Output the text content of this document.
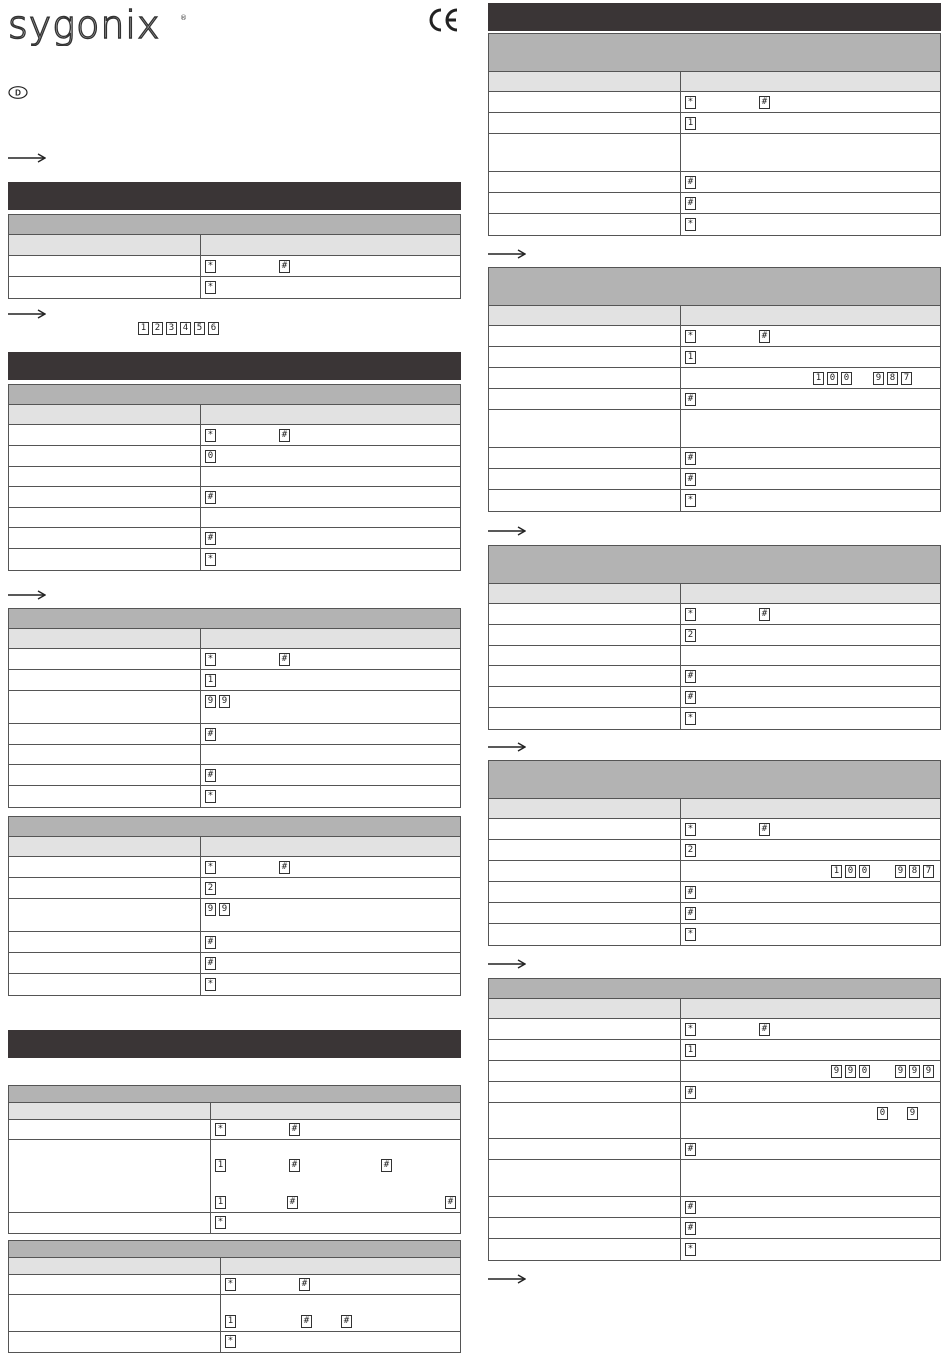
sygonix	®
D
1 2 3 4 5 6
*	#
*
*	#
0
#
#
*
*	#
1
9 9
#
#
*
*	#
2
9 9
#
#
*
*	#
1	#	#
1	#	#
*
*	#
1	#	#
*
*	#
1
#
#
*
*	#
1
1 0 0	9 8 7
#
#
#
*
*	#
2
#
#
*
*	#
2
1 0 0	9 8 7
#
#
*
*	#
1
9 9 0	9 9 9
#
0	9
#
#
#
*
